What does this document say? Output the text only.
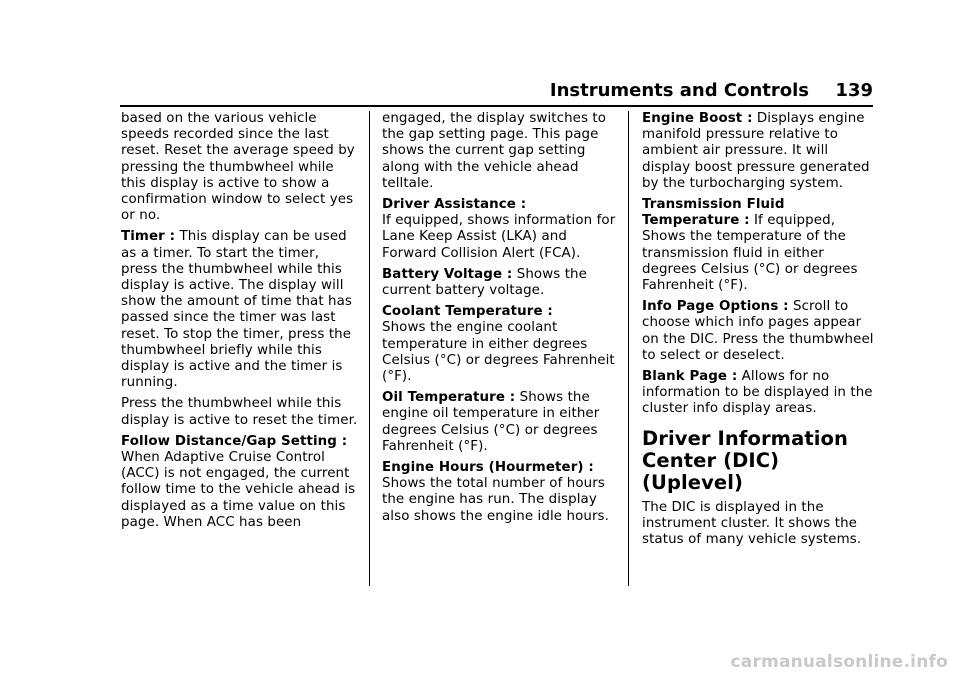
Instruments and Controls 139

based on the various vehicle speeds recorded since the last reset. Reset the average speed by pressing the thumbwheel while this display is active to show a confirmation window to select yes or no.

Timer : This display can be used as a timer. To start the timer, press the thumbwheel while this display is active. The display will show the amount of time that has passed since the timer was last reset. To stop the timer, press the thumbwheel briefly while this display is active and the timer is running.

Press the thumbwheel while this display is active to reset the timer.

Follow Distance/Gap Setting : When Adaptive Cruise Control (ACC) is not engaged, the current follow time to the vehicle ahead is displayed as a time value on this page. When ACC has been

engaged, the display switches to the gap setting page. This page shows the current gap setting along with the vehicle ahead telltale.

Driver Assistance :
If equipped, shows information for Lane Keep Assist (LKA) and Forward Collision Alert (FCA).

Battery Voltage : Shows the current battery voltage.

Coolant Temperature :
Shows the engine coolant temperature in either degrees Celsius (°C) or degrees Fahrenheit (°F).

Oil Temperature : Shows the engine oil temperature in either degrees Celsius (°C) or degrees Fahrenheit (°F).

Engine Hours (Hourmeter) :
Shows the total number of hours the engine has run. The display also shows the engine idle hours.

Engine Boost : Displays engine manifold pressure relative to ambient air pressure. It will display boost pressure generated by the turbocharging system.

Transmission Fluid Temperature : If equipped, Shows the temperature of the transmission fluid in either degrees Celsius (°C) or degrees Fahrenheit (°F).

Info Page Options : Scroll to choose which info pages appear on the DIC. Press the thumbwheel to select or deselect.

Blank Page : Allows for no information to be displayed in the cluster info display areas.

Driver Information Center (DIC) (Uplevel)

The DIC is displayed in the instrument cluster. It shows the status of many vehicle systems.

carmanualsonline.info
